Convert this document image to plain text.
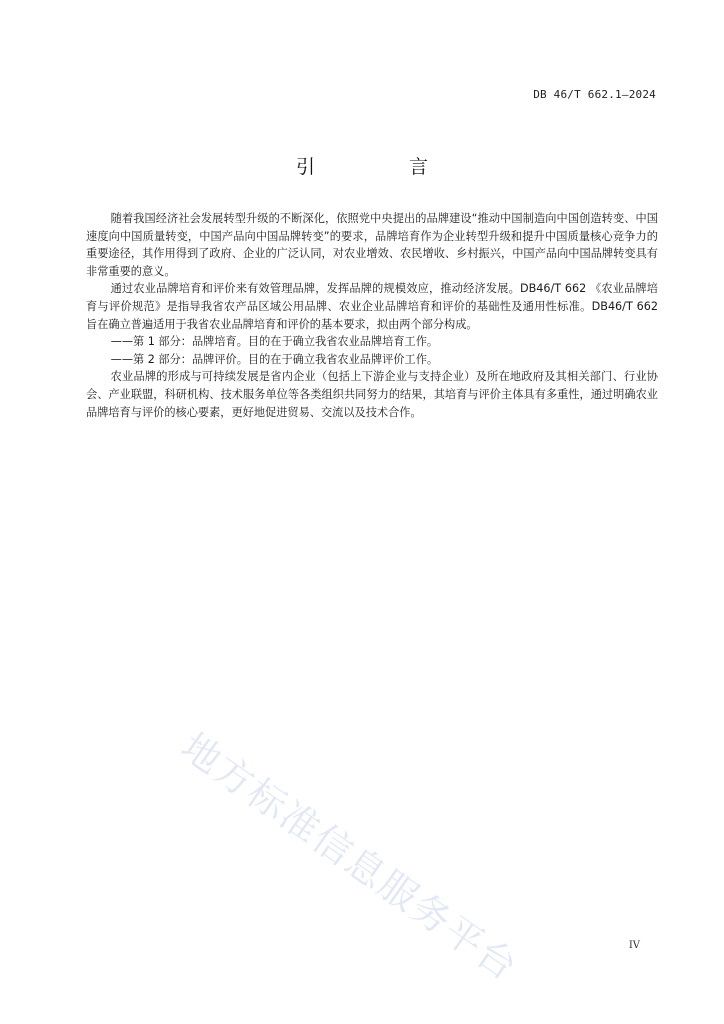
DB 46/T 662.1—2024
引 言

随着我国经济社会发展转型升级的不断深化，依照党中央提出的品牌建设“推动中国制造向中国创造转变、中国速度向中国质量转变，中国产品向中国品牌转变”的要求，品牌培育作为企业转型升级和提升中国质量核心竞争力的重要途径，其作用得到了政府、企业的广泛认同，对农业增效、农民增收、乡村振兴，中国产品向中国品牌转变具有非常重要的意义。

通过农业品牌培育和评价来有效管理品牌，发挥品牌的规模效应，推动经济发展。DB46/T 662 《农业品牌培育与评价规范》是指导我省农产品区域公用品牌、农业企业品牌培育和评价的基础性及通用性标准。DB46/T 662 旨在确立普遍适用于我省农业品牌培育和评价的基本要求，拟由两个部分构成。

——第 1 部分：品牌培育。目的在于确立我省农业品牌培育工作。

——第 2 部分：品牌评价。目的在于确立我省农业品牌评价工作。

农业品牌的形成与可持续发展是省内企业（包括上下游企业与支持企业）及所在地政府及其相关部门、行业协会、产业联盟，科研机构、技术服务单位等各类组织共同努力的结果，其培育与评价主体具有多重性，通过明确农业品牌培育与评价的核心要素，更好地促进贸易、交流以及技术合作。

地方标准信息服务平台	IV
